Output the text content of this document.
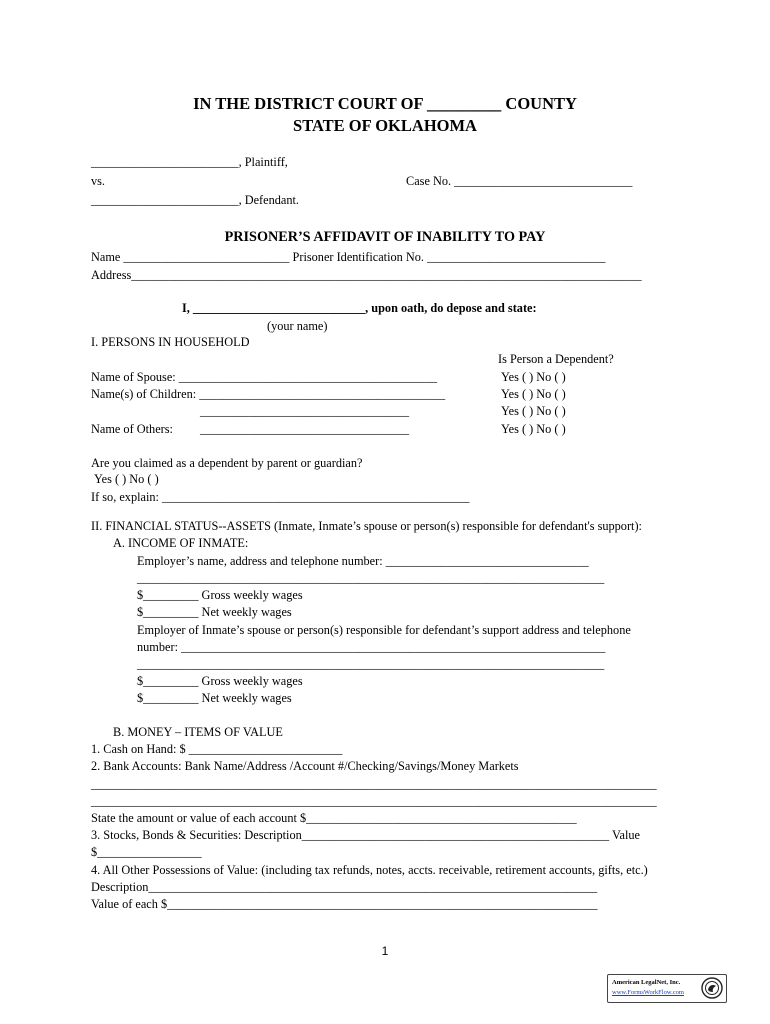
IN THE DISTRICT COURT OF _________ COUNTY
STATE OF OKLAHOMA
________________________, Plaintiff,
vs.	Case No. _____________________________
________________________, Defendant.
PRISONER’S AFFIDAVIT OF INABILITY TO PAY
Name ___________________________ Prisoner Identification No. _____________________________
Address___________________________________________________________________________________
I, ____________________________, upon oath, do depose and state:
(your name)
I. PERSONS IN HOUSEHOLD
Is Person a Dependent?
Name of Spouse: __________________________________________	Yes ( ) No ( )
Name(s) of Children: ________________________________________	Yes ( ) No ( )
__________________________________	Yes ( ) No ( )
Name of Others: __________________________________	Yes ( ) No ( )
Are you claimed as a dependent by parent or guardian?
Yes ( ) No ( )
If so, explain: __________________________________________________
II. FINANCIAL STATUS--ASSETS (Inmate, Inmate’s spouse or person(s) responsible for defendant's support):
A. INCOME OF INMATE:
Employer’s name, address and telephone number: _________________________________
____________________________________________________________________________
$_________ Gross weekly wages
$_________ Net weekly wages
Employer of Inmate’s spouse or person(s) responsible for defendant’s support address and telephone
number: _____________________________________________________________________
____________________________________________________________________________
$_________ Gross weekly wages
$_________ Net weekly wages
B. MONEY – ITEMS OF VALUE
1. Cash on Hand: $ _________________________
2. Bank Accounts: Bank Name/Address /Account #/Checking/Savings/Money Markets
____________________________________________________________________________________________
____________________________________________________________________________________________
State the amount or value of each account $____________________________________________
3. Stocks, Bonds & Securities: Description__________________________________________________ Value
$_________________
4. All Other Possessions of Value: (including tax refunds, notes, accts. receivable, retirement accounts, gifts, etc.)
Description_________________________________________________________________________
Value of each $______________________________________________________________________
1
American LegalNet, Inc.
www.FormsWorkFlow.com
